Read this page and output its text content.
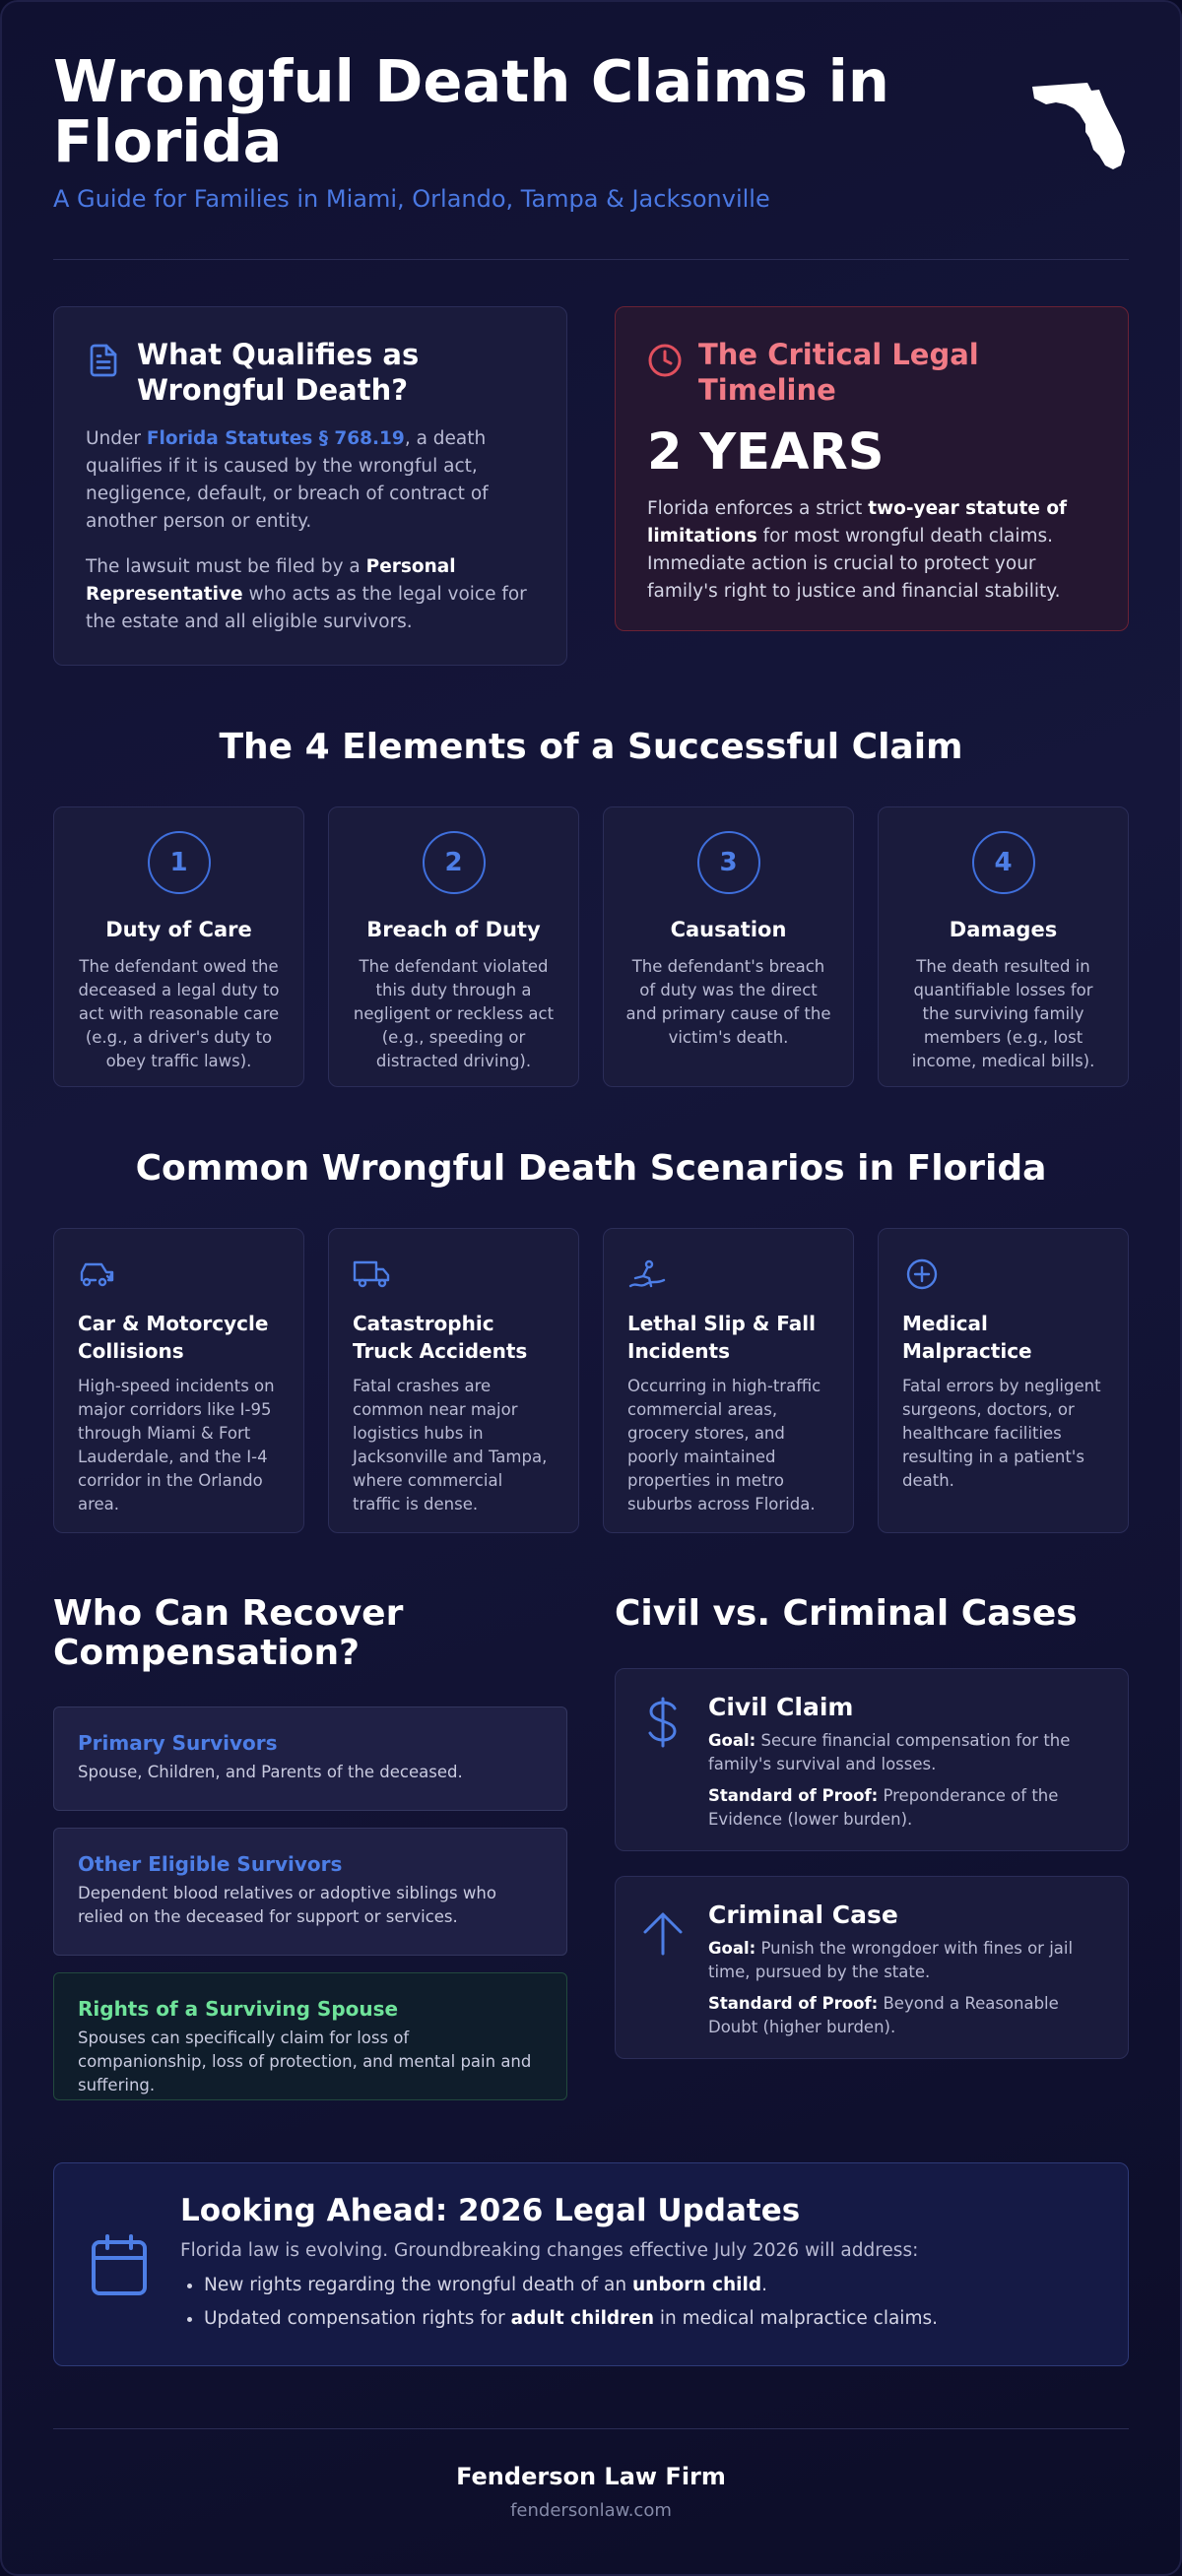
Wrongful Death Claims in Florida
A Guide for Families in Miami, Orlando, Tampa & Jacksonville
What Qualifies as Wrongful Death?

Under Florida Statutes § 768.19, a death qualifies if it is caused by the wrongful act, negligence, default, or breach of contract of another person or entity.

The lawsuit must be filed by a Personal Representative who acts as the legal voice for the estate and all eligible survivors.

The Critical Legal Timeline
2 YEARS

Florida enforces a strict two-year statute of limitations for most wrongful death claims. Immediate action is crucial to protect your family's right to justice and financial stability.

The 4 Elements of a Successful Claim
1
Duty of Care
The defendant owed the deceased a legal duty to act with reasonable care (e.g., a driver's duty to obey traffic laws).
2
Breach of Duty
The defendant violated this duty through a negligent or reckless act (e.g., speeding or distracted driving).
3
Causation
The defendant's breach of duty was the direct and primary cause of the victim's death.
4
Damages
The death resulted in quantifiable losses for the surviving family members (e.g., lost income, medical bills).
Common Wrongful Death Scenarios in Florida
Car & Motorcycle Collisions
High-speed incidents on major corridors like I-95 through Miami & Fort Lauderdale, and the I-4 corridor in the Orlando area.
Catastrophic Truck Accidents
Fatal crashes are common near major logistics hubs in Jacksonville and Tampa, where commercial traffic is dense.
Lethal Slip & Fall Incidents
Occurring in high-traffic commercial areas, grocery stores, and poorly maintained properties in metro suburbs across Florida.
Medical Malpractice
Fatal errors by negligent surgeons, doctors, or healthcare facilities resulting in a patient's death.
Who Can Recover Compensation?
Primary Survivors
Spouse, Children, and Parents of the deceased.
Other Eligible Survivors
Dependent blood relatives or adoptive siblings who relied on the deceased for support or services.
Rights of a Surviving Spouse
Spouses can specifically claim for loss of companionship, loss of protection, and mental pain and suffering.
Civil vs. Criminal Cases
Civil Claim
Goal: Secure financial compensation for the family's survival and losses.
Standard of Proof: Preponderance of the Evidence (lower burden).
Criminal Case
Goal: Punish the wrongdoer with fines or jail time, pursued by the state.
Standard of Proof: Beyond a Reasonable Doubt (higher burden).
Looking Ahead: 2026 Legal Updates
Florida law is evolving. Groundbreaking changes effective July 2026 will address:
• New rights regarding the wrongful death of an unborn child.
• Updated compensation rights for adult children in medical malpractice claims.
Fenderson Law Firm
fendersonlaw.com
